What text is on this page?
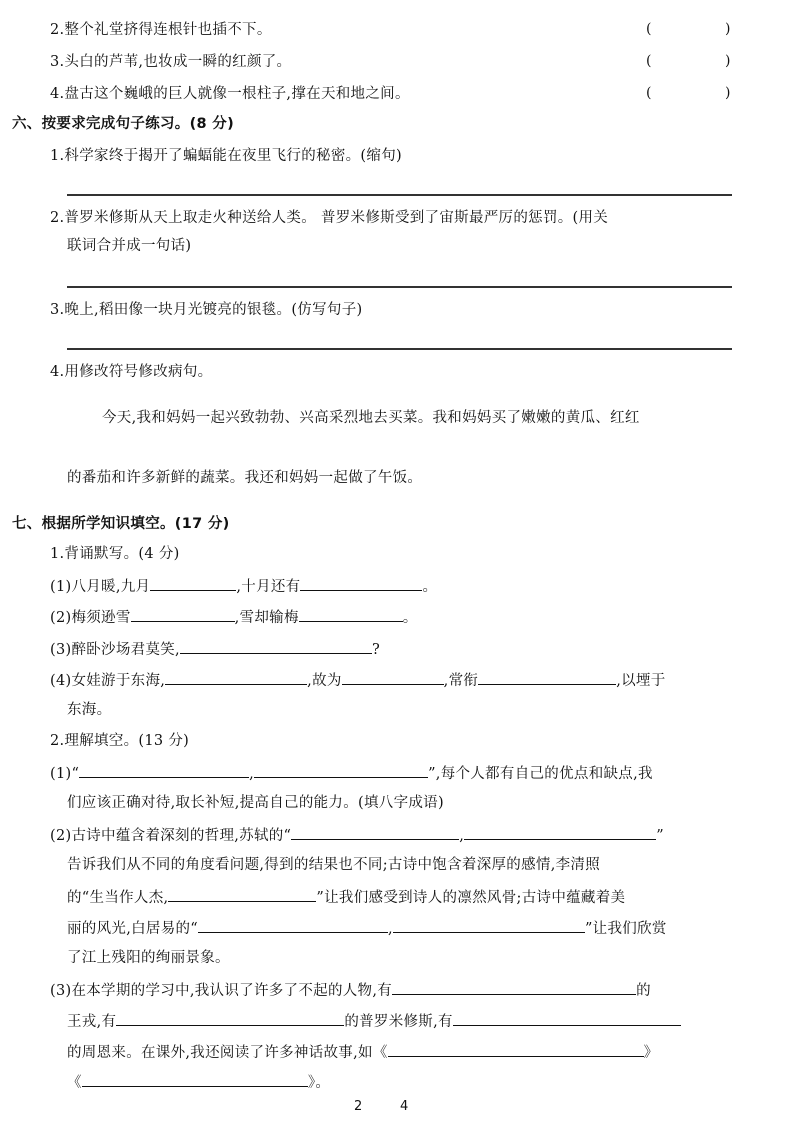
2.整个礼堂挤得连根针也插不下。	(	)
3.头白的芦苇,也妆成一瞬的红颜了。	(	)
4.盘古这个巍峨的巨人就像一根柱子,撑在天和地之间。	(	)
六、按要求完成句子练习。(8 分)
1.科学家终于揭开了蝙蝠能在夜里飞行的秘密。(缩句)
2.普罗米修斯从天上取走火种送给人类。 普罗米修斯受到了宙斯最严厉的惩罚。(用关
联词合并成一句话)
3.晚上,稻田像一块月光镀亮的银毯。(仿写句子)
4.用修改符号修改病句。
今天,我和妈妈一起兴致勃勃、兴高采烈地去买菜。我和妈妈买了嫩嫩的黄瓜、红红
的番茄和许多新鲜的蔬菜。我还和妈妈一起做了午饭。
七、根据所学知识填空。(17 分)
1.背诵默写。(4 分)
(1)八月暖,九月	,十月还有	。
(2)梅须逊雪	,雪却输梅	。
(3)醉卧沙场君莫笑,	?
(4)女娃游于东海,	,故为	,常衔	,以堙于
东海。
2.理解填空。(13 分)
(1)“	,	”,每个人都有自己的优点和缺点,我
们应该正确对待,取长补短,提高自己的能力。(填八字成语)
(2)古诗中蕴含着深刻的哲理,苏轼的“	,	”
告诉我们从不同的角度看问题,得到的结果也不同;古诗中饱含着深厚的感情,李清照
的“生当作人杰,	”让我们感受到诗人的凛然风骨;古诗中蕴藏着美
丽的风光,白居易的“	,	”让我们欣赏
了江上残阳的绚丽景象。
(3)在本学期的学习中,我认识了许多了不起的人物,有	的
王戎,有	的普罗米修斯,有
的周恩来。在课外,我还阅读了许多神话故事,如《	》
《	》。
2	4
